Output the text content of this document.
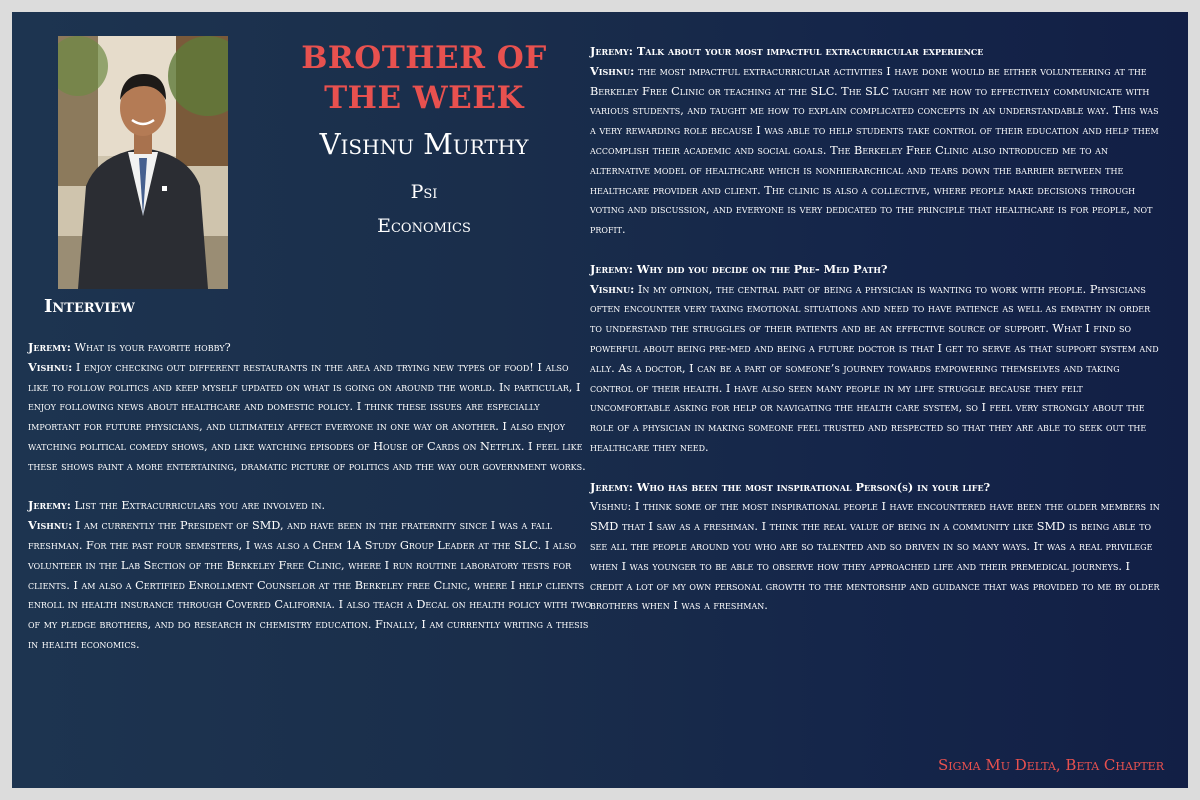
BROTHER OF THE WEEK
Vishnu Murthy
Psi
Economics
Interview
Jeremy: What is your favorite hobby?
Vishnu: I enjoy checking out different restaurants in the area and trying new types of food! I also like to follow politics and keep myself updated on what is going on around the world. In particular, I enjoy following news about healthcare and domestic policy. I think these issues are especially important for future physicians, and ultimately affect everyone in one way or another. I also enjoy watching political comedy shows, and like watching episodes of House of Cards on Netflix. I feel like these shows paint a more entertaining, dramatic picture of politics and the way our government works.
Jeremy: List the Extracurriculars you are involved in.
Vishnu: I am currently the President of SMD, and have been in the fraternity since I was a fall freshman. For the past four semesters, I was also a Chem 1A Study Group Leader at the SLC. I also volunteer in the Lab Section of the Berkeley Free Clinic, where I run routine laboratory tests for clients. I am also a Certified Enrollment Counselor at the Berkeley free Clinic, where I help clients enroll in health insurance through Covered California. I also teach a Decal on health policy with two of my pledge brothers, and do research in chemistry education. Finally, I am currently writing a thesis in health economics.
Jeremy: Talk about your most impactful extracurricular experience
Vishnu: the most impactful extracurricular activities I have done would be either volunteering at the Berkeley Free Clinic or teaching at the SLC. The SLC taught me how to effectively communicate with various students, and taught me how to explain complicated concepts in an understandable way. This was a very rewarding role because I was able to help students take control of their education and help them accomplish their academic and social goals. The Berkeley Free Clinic also introduced me to an alternative model of healthcare which is nonhierarchical and tears down the barrier between the healthcare provider and client. The clinic is also a collective, where people make decisions through voting and discussion, and everyone is very dedicated to the principle that healthcare is for people, not profit.
Jeremy: Why did you decide on the Pre- Med Path?
Vishnu: In my opinion, the central part of being a physician is wanting to work with people. Physicians often encounter very taxing emotional situations and need to have patience as well as empathy in order to understand the struggles of their patients and be an effective source of support. What I find so powerful about being pre-med and being a future doctor is that I get to serve as that support system and ally. As a doctor, I can be a part of someone’s journey towards empowering themselves and taking control of their health. I have also seen many people in my life struggle because they felt uncomfortable asking for help or navigating the health care system, so I feel very strongly about the role of a physician in making someone feel trusted and respected so that they are able to seek out the healthcare they need.
Jeremy: Who has been the most inspirational Person(s) in your life?
Vishnu: I think some of the most inspirational people I have encountered have been the older members in SMD that I saw as a freshman. I think the real value of being in a community like SMD is being able to see all the people around you who are so talented and so driven in so many ways. It was a real privilege when I was younger to be able to observe how they approached life and their premedical journeys. I credit a lot of my own personal growth to the mentorship and guidance that was provided to me by older brothers when I was a freshman.
Sigma Mu Delta, Beta Chapter
